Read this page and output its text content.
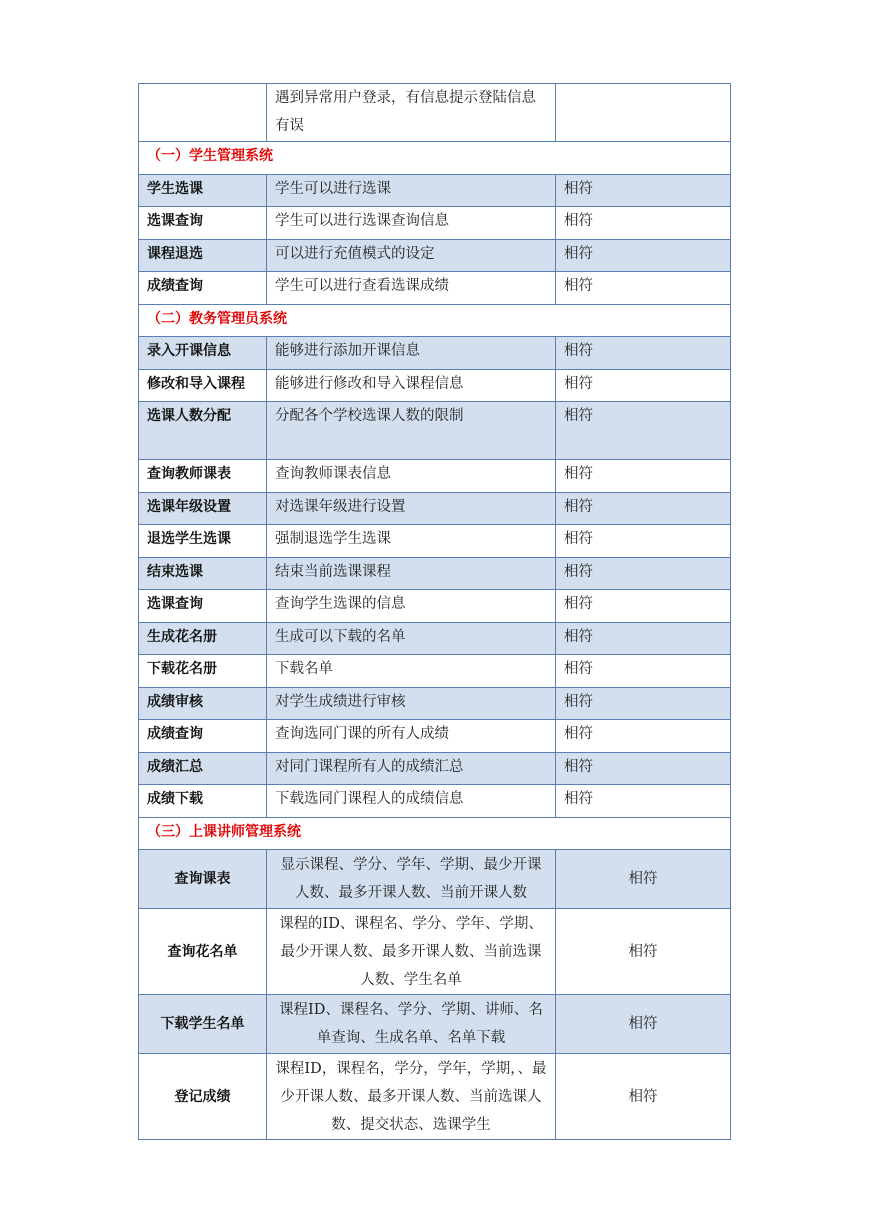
	遇到异常用户登录，有信息提示登陆信息有误	
（一）学生管理系统		
学生选课	学生可以进行选课	相符
选课查询	学生可以进行选课查询信息	相符
课程退选	可以进行充值模式的设定	相符
成绩查询	学生可以进行查看选课成绩	相符
（二）教务管理员系统		
录入开课信息	能够进行添加开课信息	相符
修改和导入课程	能够进行修改和导入课程信息	相符
选课人数分配	分配各个学校选课人数的限制	相符
查询教师课表	查询教师课表信息	相符
选课年级设置	对选课年级进行设置	相符
退选学生选课	强制退选学生选课	相符
结束选课	结束当前选课课程	相符
选课查询	查询学生选课的信息	相符
生成花名册	生成可以下载的名单	相符
下载花名册	下载名单	相符
成绩审核	对学生成绩进行审核	相符
成绩查询	查询选同门课的所有人成绩	相符
成绩汇总	对同门课程所有人的成绩汇总	相符
成绩下载	下载选同门课程人的成绩信息	相符
（三）上课讲师管理系统		
查询课表	显示课程、学分、学年、学期、最少开课人数、最多开课人数、当前开课人数	相符
查询花名单	课程的ID、课程名、学分、学年、学期、最少开课人数、最多开课人数、当前选课人数、学生名单	相符
下载学生名单	课程ID、课程名、学分、学期、讲师、名单查询、生成名单、名单下载	相符
登记成绩	课程ID，课程名，学分，学年，学期，、最少开课人数、最多开课人数、当前选课人数、提交状态、选课学生	相符
